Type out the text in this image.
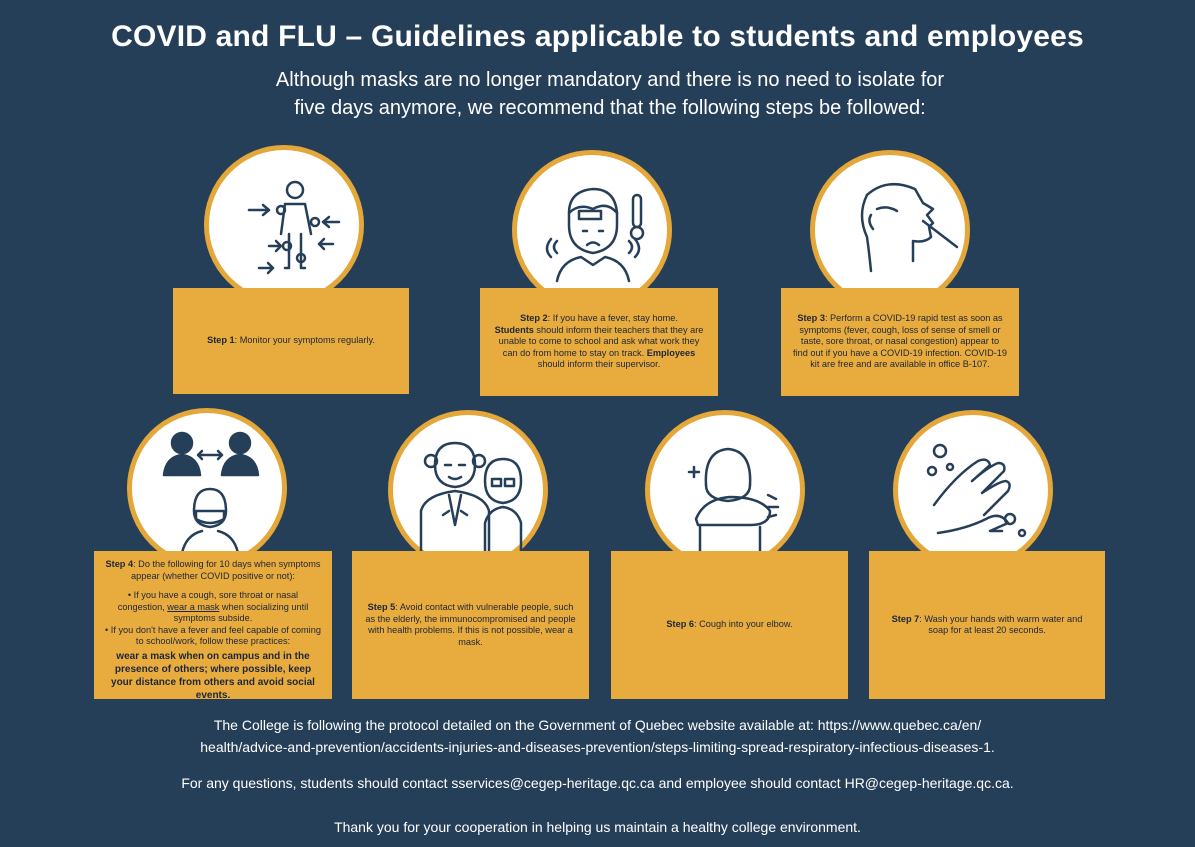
COVID and FLU – Guidelines applicable to students and employees
Although masks are no longer mandatory and there is no need to isolate for
five days anymore, we recommend that the following steps be followed:
Step 1: Monitor your symptoms regularly.
Step 2: If you have a fever, stay home.
Students should inform their teachers that they are unable to come to school and ask what work they can do from home to stay on track. Employees should inform their supervisor.
Step 3: Perform a COVID-19 rapid test as soon as symptoms (fever, cough, loss of sense of smell or taste, sore throat, or nasal congestion) appear to find out if you have a COVID-19 infection. COVID-19 kit are free and are available in office B-107.

Step 4: Do the following for 10 days when symptoms appear (whether COVID positive or not):

• If you have a cough, sore throat or nasal congestion, wear a mask when socializing until symptoms subside.

• If you don't have a fever and feel capable of coming to school/work, follow these practices:

wear a mask when on campus and in the presence of others; where possible, keep your distance from others and avoid social events.

Step 5: Avoid contact with vulnerable people, such as the elderly, the immunocompromised and people with health problems. If this is not possible, wear a mask.
Step 6: Cough into your elbow.
Step 7: Wash your hands with warm water and soap for at least 20 seconds.
The College is following the protocol detailed on the Government of Quebec website available at: https://www.quebec.ca/en/
health/advice-and-prevention/accidents-injuries-and-diseases-prevention/steps-limiting-spread-respiratory-infectious-diseases-1.
For any questions, students should contact sservices@cegep-heritage.qc.ca and employee should contact HR@cegep-heritage.qc.ca.
Thank you for your cooperation in helping us maintain a healthy college environment.
